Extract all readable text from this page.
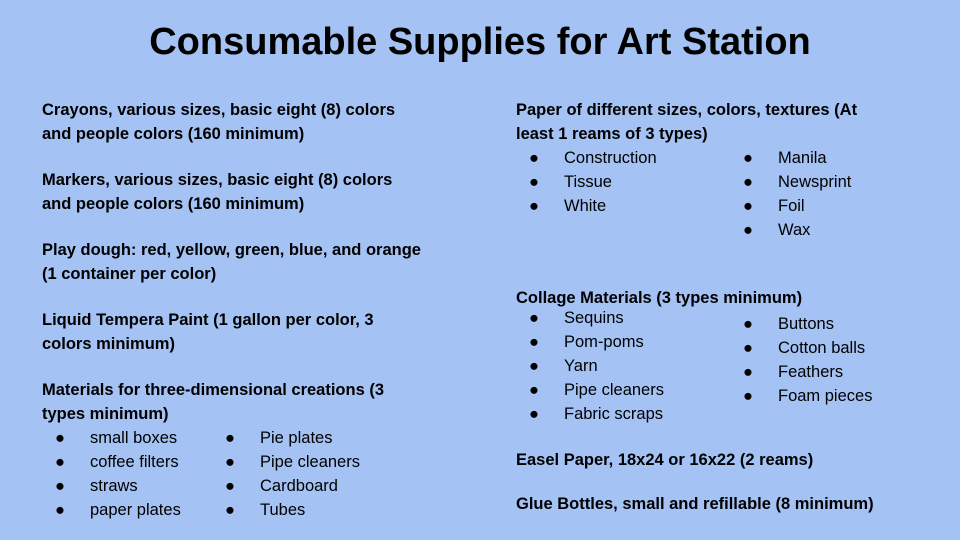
Consumable Supplies for Art Station

Crayons, various sizes, basic eight (8) colors

and people colors (160 minimum)

Markers, various sizes, basic eight (8) colors

and people colors (160 minimum)

Play dough: red, yellow, green, blue, and orange

(1 container per color)

Liquid Tempera Paint (1 gallon per color, 3

colors minimum)

Materials for three-dimensional creations (3

types minimum)

● small boxes
● coffee filters
● straws
● paper plates
● Pie plates
● Pipe cleaners
● Cardboard
● Tubes

Paper of different sizes, colors, textures (At

least 1 reams of 3 types)

● Construction
● Tissue
● White
● Manila
● Newsprint
● Foil
● Wax

Collage Materials (3 types minimum)

● Sequins
● Pom-poms
● Yarn
● Pipe cleaners
● Fabric scraps
● Buttons
● Cotton balls
● Feathers
● Foam pieces

Easel Paper, 18x24 or 16x22 (2 reams)

Glue Bottles, small and refillable (8 minimum)
